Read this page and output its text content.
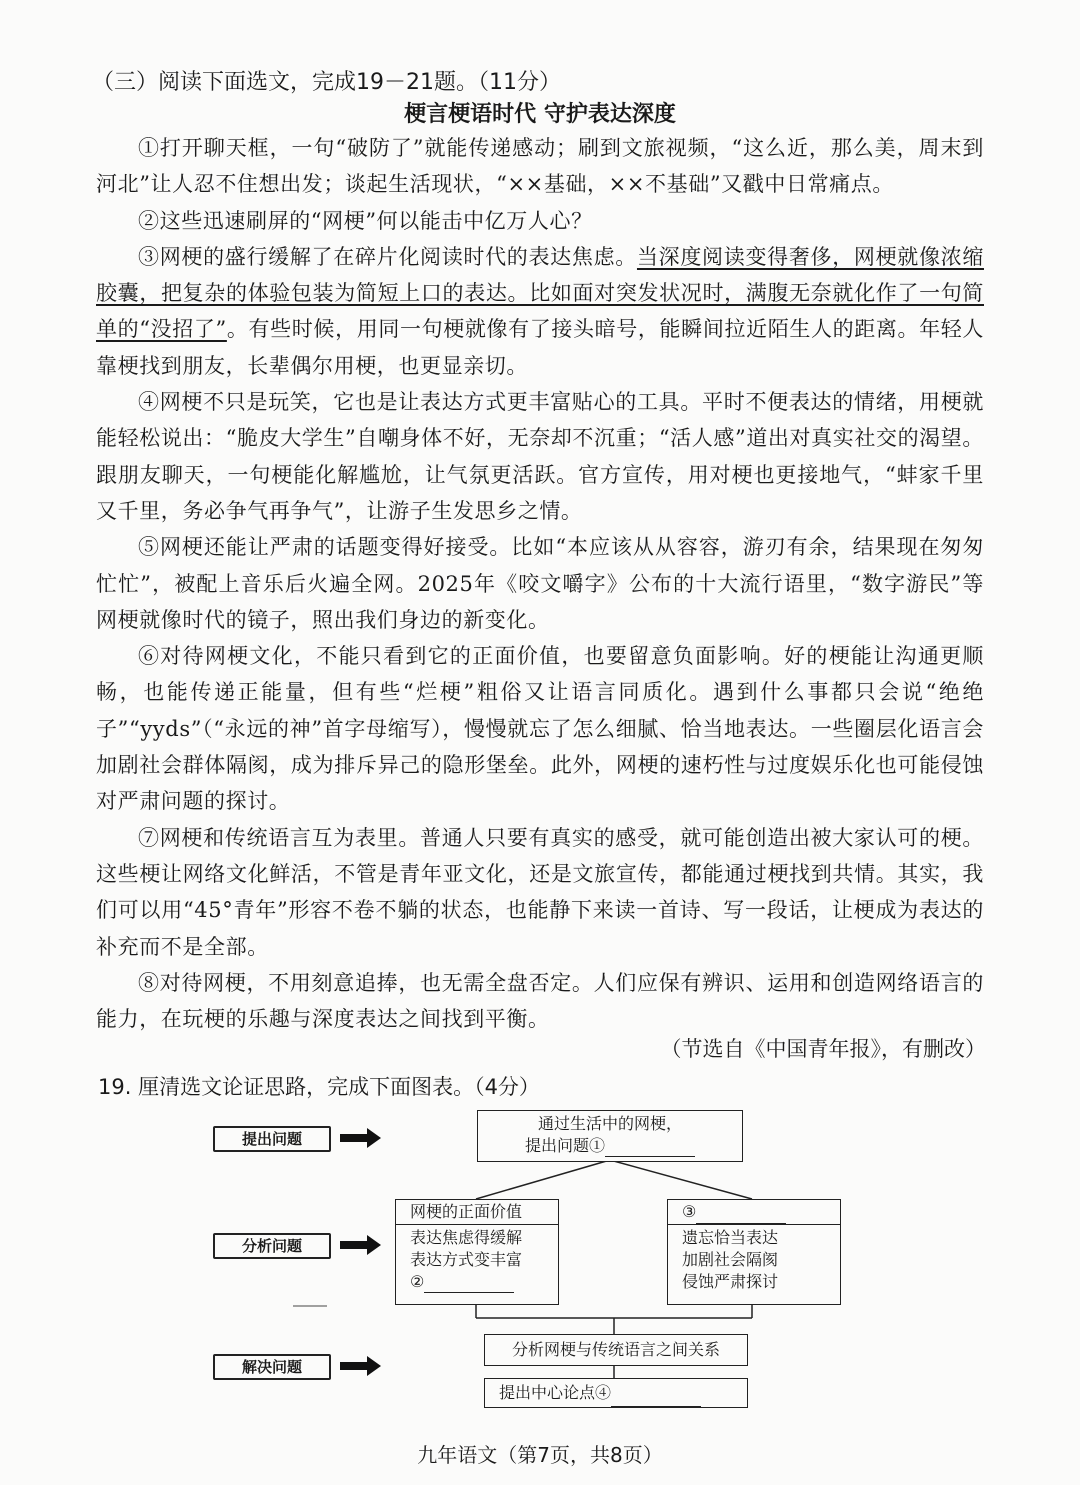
（三）阅读下面选文，完成19－21题。（11分）
梗言梗语时代 守护表达深度

①打开聊天框，一句“破防了”就能传递感动；刷到文旅视频，“这么近，那么美，周末到河北”让人忍不住想出发；谈起生活现状，“××基础，××不基础”又戳中日常痛点。

②这些迅速刷屏的“网梗”何以能击中亿万人心？

③网梗的盛行缓解了在碎片化阅读时代的表达焦虑。当深度阅读变得奢侈，网梗就像浓缩胶囊，把复杂的体验包装为简短上口的表达。比如面对突发状况时，满腹无奈就化作了一句简单的“没招了”。有些时候，用同一句梗就像有了接头暗号，能瞬间拉近陌生人的距离。年轻人靠梗找到朋友，长辈偶尔用梗，也更显亲切。

④网梗不只是玩笑，它也是让表达方式更丰富贴心的工具。平时不便表达的情绪，用梗就能轻松说出：“脆皮大学生”自嘲身体不好，无奈却不沉重；“活人感”道出对真实社交的渴望。跟朋友聊天，一句梗能化解尴尬，让气氛更活跃。官方宣传，用对梗也更接地气，“蚌家千里又千里，务必争气再争气”，让游子生发思乡之情。

⑤网梗还能让严肃的话题变得好接受。比如“本应该从从容容，游刃有余，结果现在匆匆忙忙”，被配上音乐后火遍全网。2025年《咬文嚼字》公布的十大流行语里，“数字游民”等网梗就像时代的镜子，照出我们身边的新变化。

⑥对待网梗文化，不能只看到它的正面价值，也要留意负面影响。好的梗能让沟通更顺畅，也能传递正能量，但有些“烂梗”粗俗又让语言同质化。遇到什么事都只会说“绝绝子”“yyds”（“永远的神”首字母缩写），慢慢就忘了怎么细腻、恰当地表达。一些圈层化语言会加剧社会群体隔阂，成为排斥异己的隐形堡垒。此外，网梗的速朽性与过度娱乐化也可能侵蚀对严肃问题的探讨。

⑦网梗和传统语言互为表里。普通人只要有真实的感受，就可能创造出被大家认可的梗。这些梗让网络文化鲜活，不管是青年亚文化，还是文旅宣传，都能通过梗找到共情。其实，我们可以用“45°青年”形容不卷不躺的状态，也能静下来读一首诗、写一段话，让梗成为表达的补充而不是全部。

⑧对待网梗，不用刻意追捧，也无需全盘否定。人们应保有辨识、运用和创造网络语言的能力，在玩梗的乐趣与深度表达之间找到平衡。

（节选自《中国青年报》，有删改）
19. 厘清选文论证思路，完成下面图表。（4分）
提出问题
分析问题
解决问题
通过生活中的网梗，
提出问题①
网梗的正面价值
表达焦虑得缓解
表达方式变丰富
②
③
遗忘恰当表达
加剧社会隔阂
侵蚀严肃探讨
分析网梗与传统语言之间关系
提出中心论点④
九年语文（第7页，共8页）
